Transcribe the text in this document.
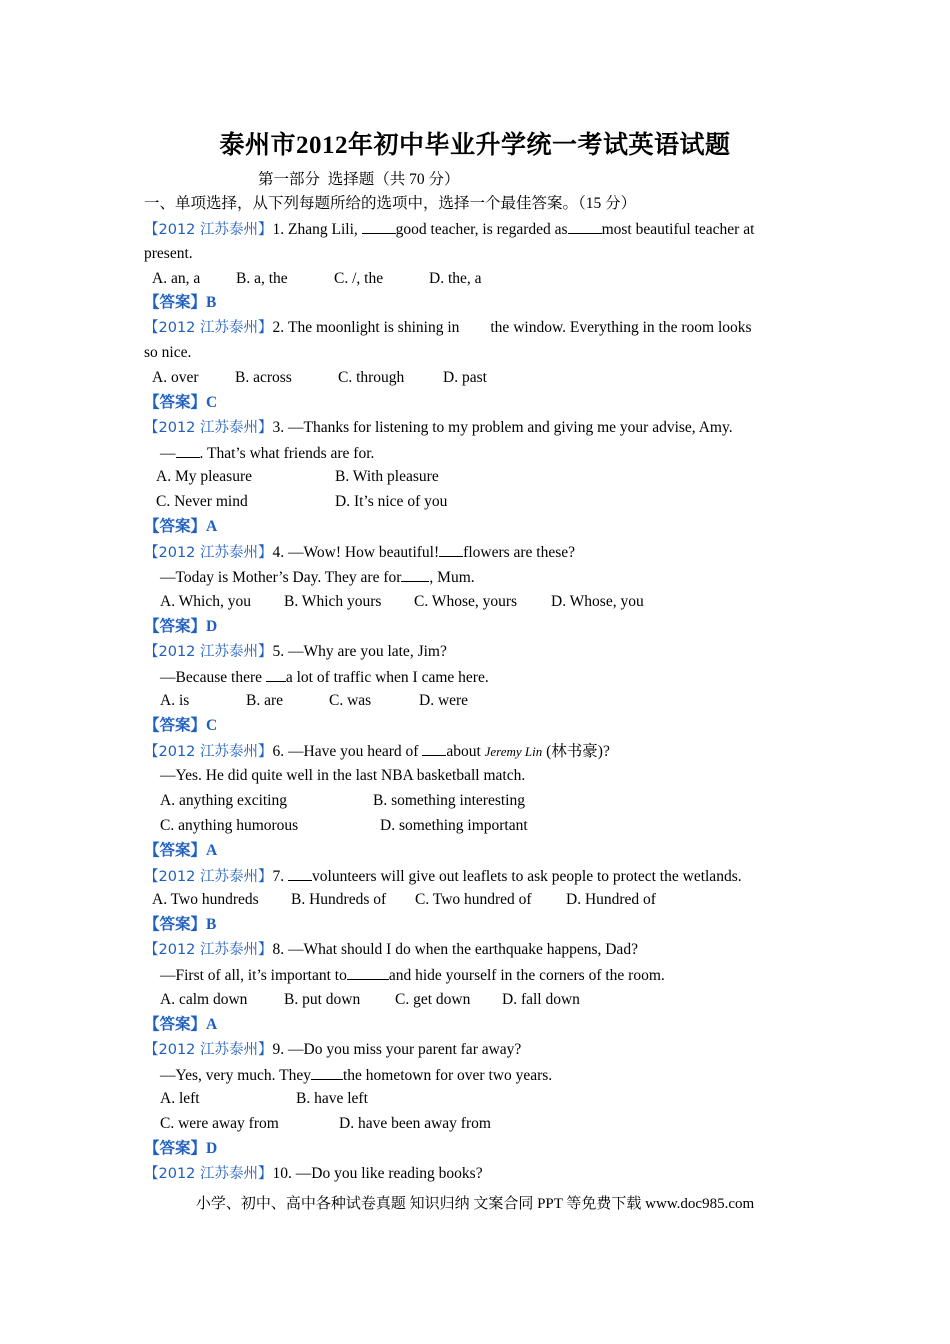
泰州市2012年初中毕业升学统一考试英语试题
第一部分  选择题（共 70 分）
一、单项选择，从下列每题所给的选项中，选择一个最佳答案。（15 分）
【2012 江苏泰州】1. Zhang Lili, good teacher, is regarded as most beautiful teacher at
present.
A. an, a B. a, the	C. /, the	D. the, a
【答案】B
【2012 江苏泰州】2. The moonlight is shining in        the window. Everything in the room looks
so nice.
A. over B. across	C. through D. past
【答案】C
【2012 江苏泰州】3. —Thanks for listening to my problem and giving me your advise, Amy.
— . That’s what friends are for.
A. My pleasure	B. With pleasure
C. Never mind	D. It’s nice of you
【答案】A
【2012 江苏泰州】4. —Wow! How beautiful! flowers are these?
—Today is Mother’s Day. They are for , Mum.
A. Which, you B. Which yours C. Whose, yours D. Whose, you
【答案】D
【2012 江苏泰州】5. —Why are you late, Jim?
—Because there a lot of traffic when I came here.
A. is	B. are	C. was	D. were
【答案】C
【2012 江苏泰州】6. —Have you heard of about Jeremy Lin (林书豪)?
—Yes. He did quite well in the last NBA basketball match.
A. anything exciting	B. something interesting
C. anything humorous	D. something important
【答案】A
【2012 江苏泰州】7. volunteers will give out leaflets to ask people to protect the wetlands.
A. Two hundreds B. Hundreds of C. Two hundred of D. Hundred of
【答案】B
【2012 江苏泰州】8. —What should I do when the earthquake happens, Dad?
—First of all, it’s important to	and hide yourself in the corners of the room.
A. calm down B. put down C. get down D. fall down
【答案】A
【2012 江苏泰州】9. —Do you miss your parent far away?
—Yes, very much. They the hometown for over two years.
A. left	B. have left
C. were away from	D. have been away from
【答案】D
【2012 江苏泰州】10. —Do you like reading books?
小学、初中、高中各种试卷真题 知识归纳 文案合同 PPT 等免费下载 www.doc985.com
